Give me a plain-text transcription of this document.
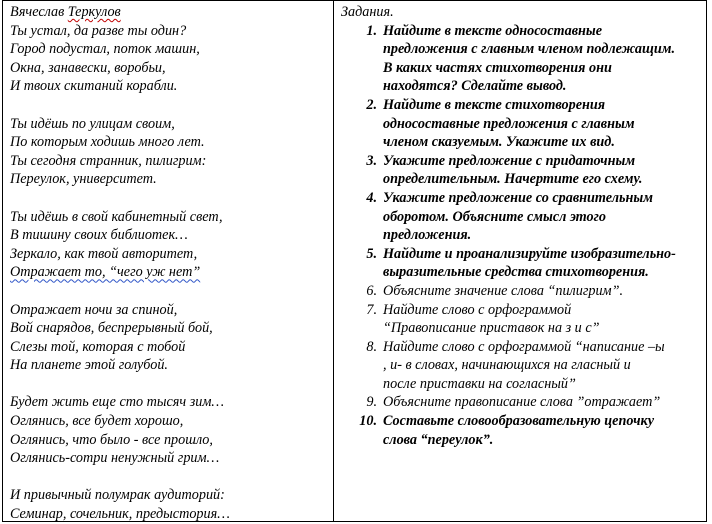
Вячеслав Теркулов
Ты устал, да разве ты один?
Город подустал, поток машин,
Окна, занавески, воробьи,
И твоих скитаний корабли.
Ты идёшь по улицам своим,
По которым ходишь много лет.
Ты сегодня странник, пилигрим:
Переулок, университет.
Ты идёшь в свой кабинетный свет,
В тишину своих библиотек…
Зеркало, как твой авторитет,
Отражает то, “чего уж нет”
Отражает ночи за спиной,
Вой снарядов, беспрерывный бой,
Слезы той, которая с тобой
На планете этой голубой.
Будет жить еще сто тысяч зим…
Оглянись, все будет хорошо,
Оглянись, что было - все прошло,
Оглянись-сотри ненужный грим…
И привычный полумрак аудиторий:
Семинар, сочельник, предыстория…
Задания.
1. Найдите в тексте односоставные
предложения с главным членом подлежащим.
В каких частях стихотворения они
находятся? Сделайте вывод.
2. Найдите в тексте стихотворения
односоставные предложения с главным
членом сказуемым. Укажите их вид.
3. Укажите предложение с придаточным
определительным. Начертите его схему.
4. Укажите предложение со сравнительным
оборотом. Объясните смысл этого
предложения.
5. Найдите и проанализируйте изобразительно-
выразительные средства стихотворения.
6. Объясните значение слова “пилигрим”.
7. Найдите слово с орфограммой
“Правописание приставок на з и с”
8. Найдите слово с орфограммой “написание –ы
, и- в словах, начинающихся на гласный и
после приставки на согласный”
9. Объясните правописание слова ”отражает”
10. Составьте словообразовательную цепочку
слова “переулок”.
